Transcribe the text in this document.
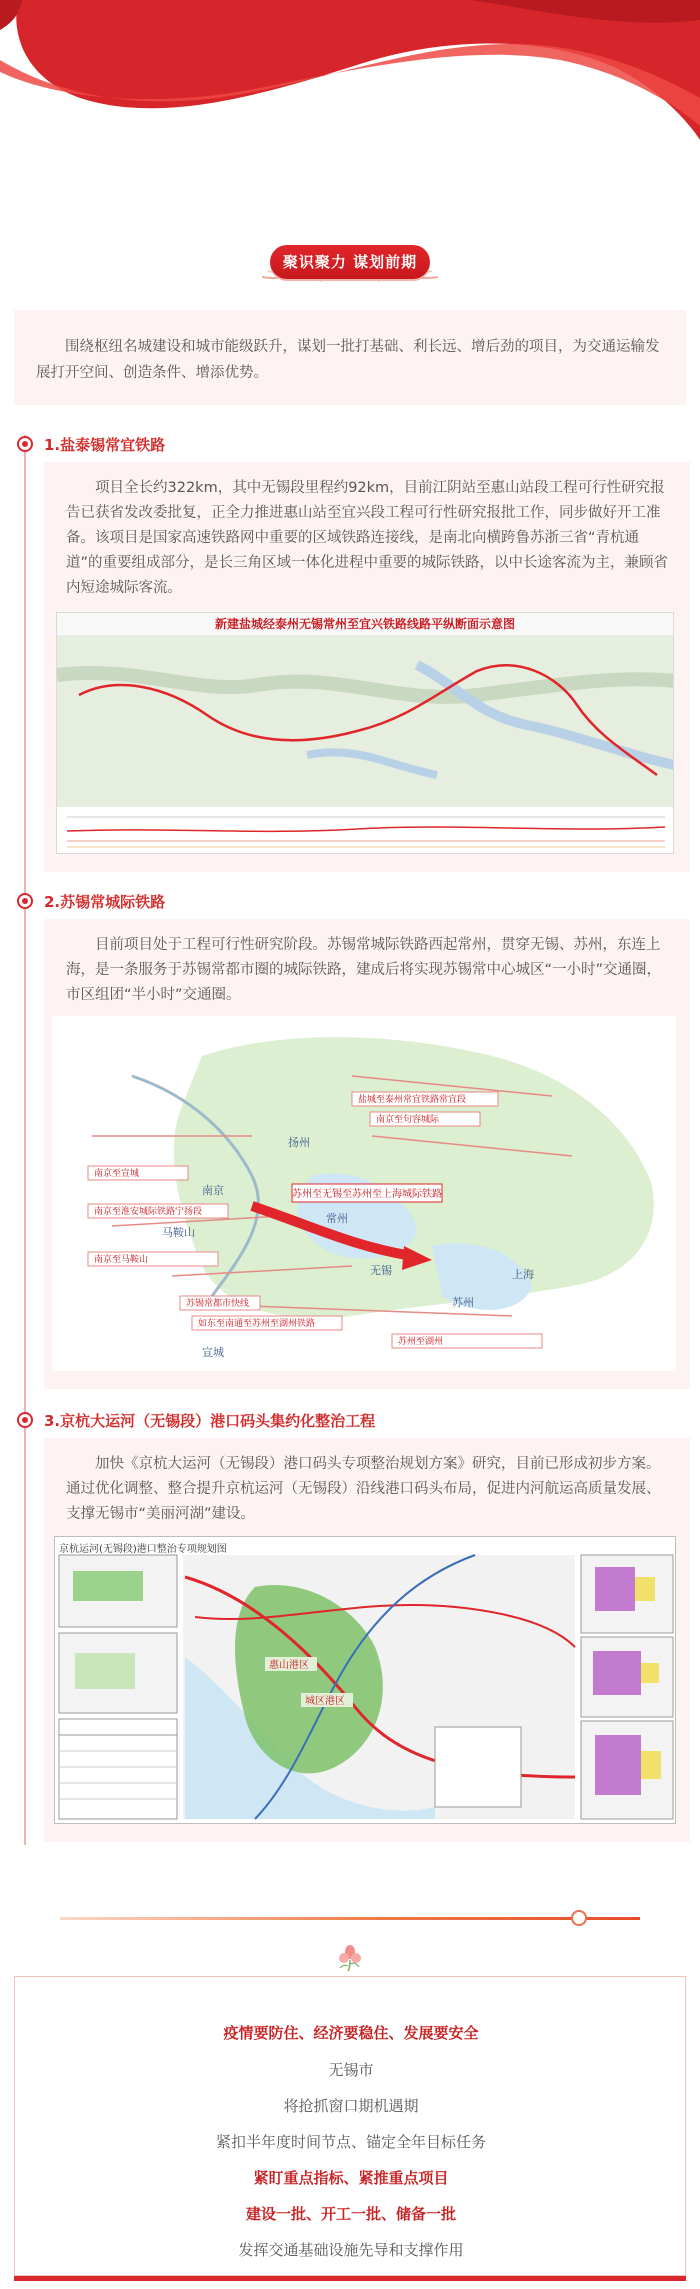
聚识聚力 谋划前期
围绕枢纽名城建设和城市能级跃升，谋划一批打基础、利长远、增后劲的项目，为交通运输发展打开空间、创造条件、增添优势。
1.盐泰锡常宜铁路

项目全长约322km，其中无锡段里程约92km，目前江阴站至惠山站段工程可行性研究报告已获省发改委批复，正全力推进惠山站至宜兴段工程可行性研究报批工作，同步做好开工准备。该项目是国家高速铁路网中重要的区域铁路连接线，是南北向横跨鲁苏浙三省“青杭通道”的重要组成部分，是长三角区域一体化进程中重要的城际铁路，以中长途客流为主，兼顾省内短途城际客流。

新建盐城经泰州无锡常州至宜兴铁路线路平纵断面示意图
2.苏锡常城际铁路

目前项目处于工程可行性研究阶段。苏锡常城际铁路西起常州，贯穿无锡、苏州，东连上海，是一条服务于苏锡常都市圈的城际铁路，建成后将实现苏锡常中心城区“一小时”交通圈，市区组团“半小时”交通圈。

苏州至无锡至苏州至上海城际铁路
盐城至泰州常宜铁路常宜段
南京至句容城际
南京至宣城
南京至淮安城际铁路宁扬段
南京至马鞍山
如东至南通至苏州至湖州铁路
苏州至湖州
苏锡常都市快线
南京
扬州
常州
无锡
苏州
上海
马鞍山
宣城
3.京杭大运河（无锡段）港口码头集约化整治工程

加快《京杭大运河（无锡段）港口码头专项整治规划方案》研究，目前已形成初步方案。通过优化调整、整合提升京杭运河（无锡段）沿线港口码头布局，促进内河航运高质量发展、支撑无锡市“美丽河湖”建设。

京杭运河(无锡段)港口整治专项规划图
惠山港区
城区港区
疫情要防住、经济要稳住、发展要安全
无锡市
将抢抓窗口期机遇期
紧扣半年度时间节点、锚定全年目标任务
紧盯重点指标、紧推重点项目
建设一批、开工一批、储备一批
发挥交通基础设施先导和支撑作用
